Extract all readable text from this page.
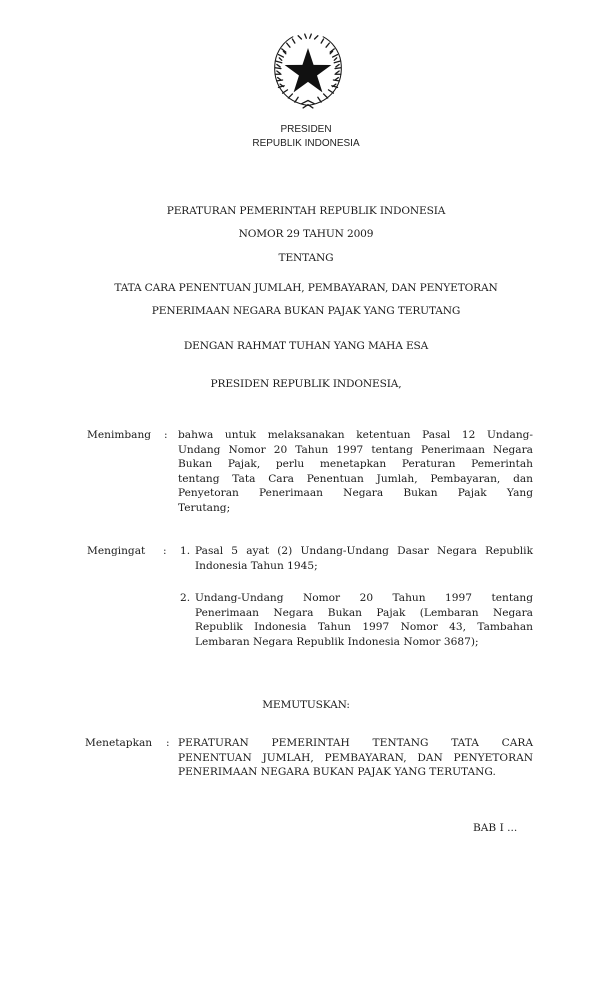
PRESIDEN
REPUBLIK INDONESIA
PERATURAN PEMERINTAH REPUBLIK INDONESIA
NOMOR 29 TAHUN 2009
TENTANG
TATA CARA PENENTUAN JUMLAH, PEMBAYARAN, DAN PENYETORAN
PENERIMAAN NEGARA BUKAN PAJAK YANG TERUTANG
DENGAN RAHMAT TUHAN YANG MAHA ESA
PRESIDEN REPUBLIK INDONESIA,
Menimbang : bahwa untuk melaksanakan ketentuan Pasal 12 Undang-
Undang Nomor 20 Tahun 1997 tentang Penerimaan Negara
Bukan Pajak, perlu menetapkan Peraturan Pemerintah
tentang Tata Cara Penentuan Jumlah, Pembayaran, dan
Penyetoran Penerimaan Negara Bukan Pajak Yang
Terutang;
Mengingat : 1. Pasal 5 ayat (2) Undang-Undang Dasar Negara Republik
Indonesia Tahun 1945;
2. Undang-Undang Nomor 20 Tahun 1997 tentang
Penerimaan Negara Bukan Pajak (Lembaran Negara
Republik Indonesia Tahun 1997 Nomor 43, Tambahan
Lembaran Negara Republik Indonesia Nomor 3687);
MEMUTUSKAN:
Menetapkan : PERATURAN PEMERINTAH TENTANG TATA CARA
PENENTUAN JUMLAH, PEMBAYARAN, DAN PENYETORAN
PENERIMAAN NEGARA BUKAN PAJAK YANG TERUTANG.
BAB I ...
